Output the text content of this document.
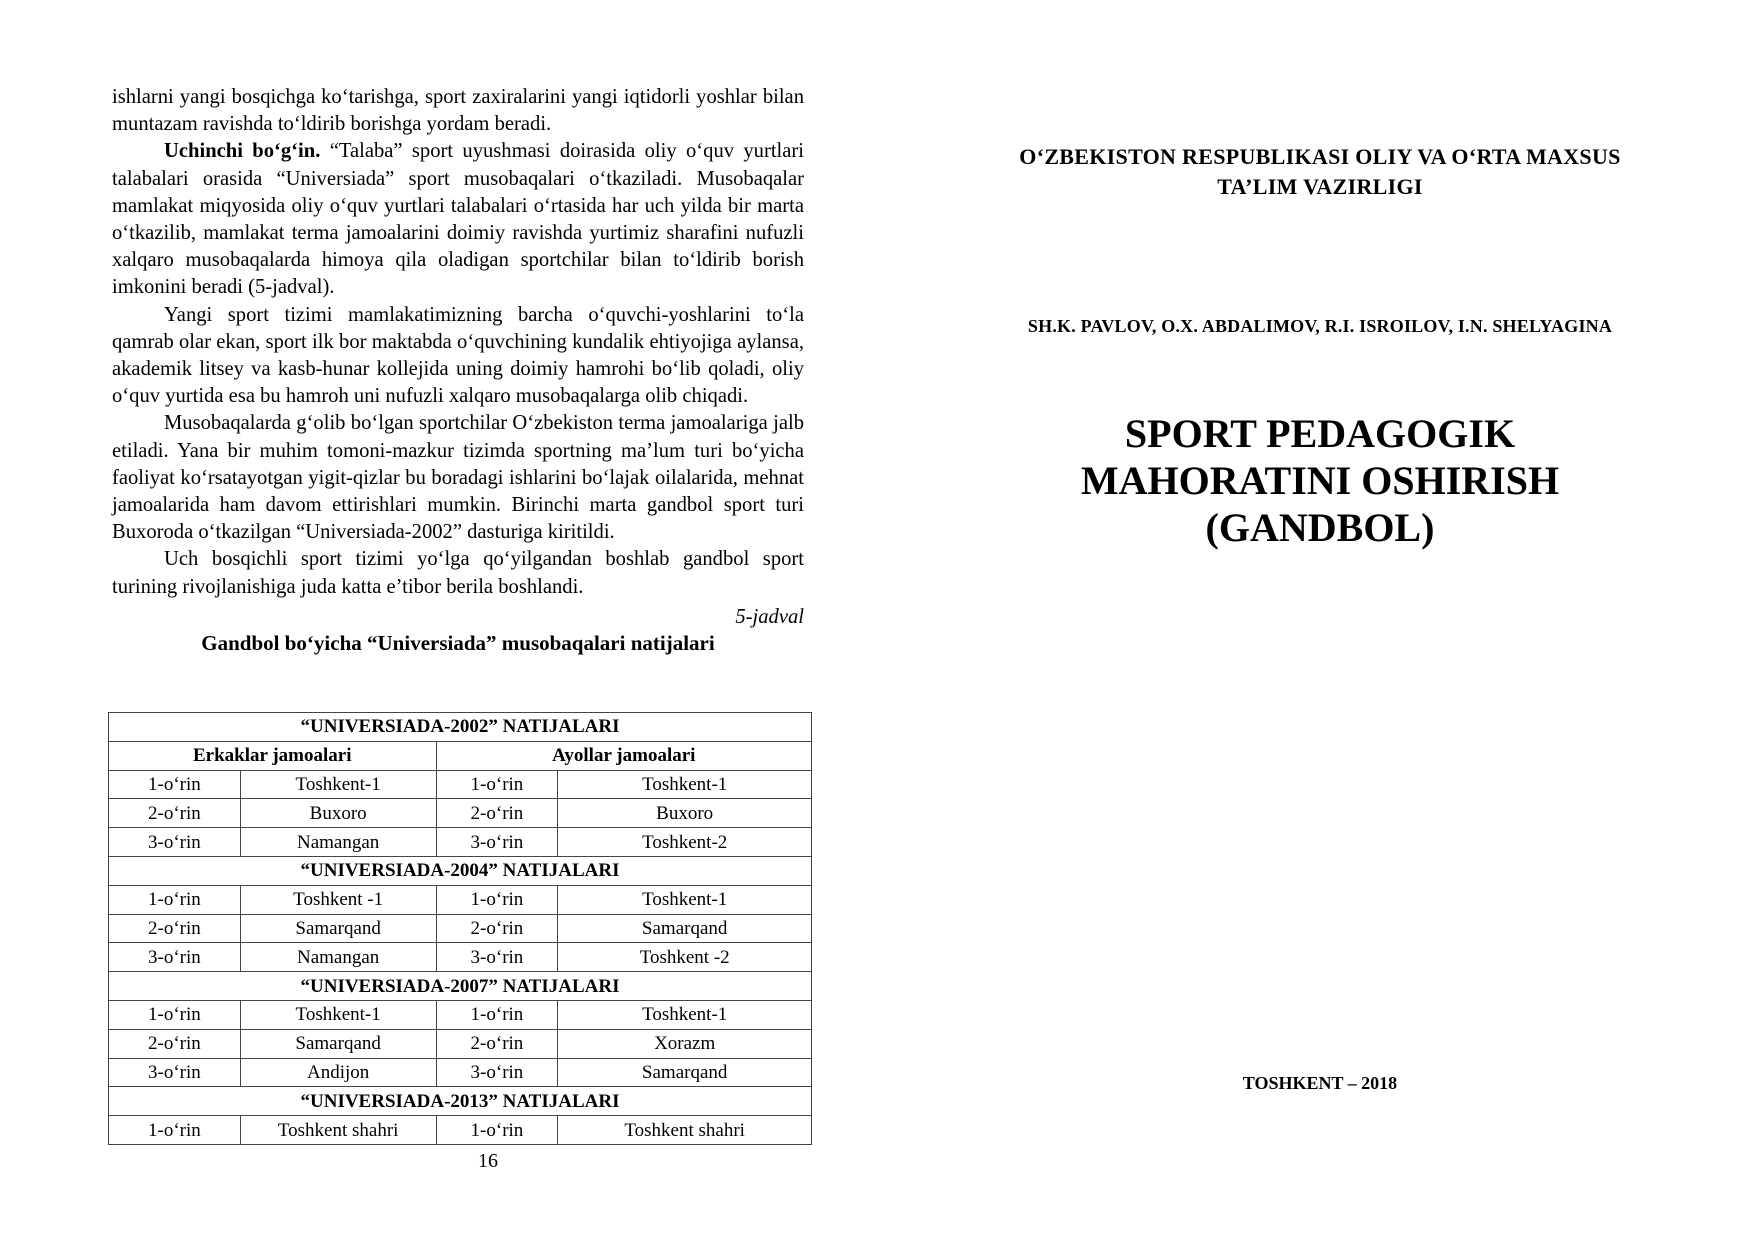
ishlarni yangi bosqichga ko‘tarishga, sport zaxiralarini yangi iqtidorli yoshlar bilan muntazam ravishda to‘ldirib borishga yordam beradi.

Uchinchi bo‘g‘in. “Talaba” sport uyushmasi doirasida oliy o‘quv yurtlari talabalari orasida “Universiada” sport musobaqalari o‘tkaziladi. Musobaqalar mamlakat miqyosida oliy o‘quv yurtlari talabalari o‘rtasida har uch yilda bir marta o‘tkazilib, mamlakat terma jamoalarini doimiy ravishda yurtimiz sharafini nufuzli xalqaro musobaqalarda himoya qila oladigan sportchilar bilan to‘ldirib borish imkonini beradi (5-jadval).

Yangi sport tizimi mamlakatimizning barcha o‘quvchi-yoshlarini to‘la qamrab olar ekan, sport ilk bor maktabda o‘quvchining kundalik ehtiyojiga aylansa, akademik litsey va kasb-hunar kollejida uning doimiy hamrohi bo‘lib qoladi, oliy o‘quv yurtida esa bu hamroh uni nufuzli xalqaro musobaqalarga olib chiqadi.

Musobaqalarda g‘olib bo‘lgan sportchilar O‘zbekiston terma jamoalariga jalb etiladi. Yana bir muhim tomoni-mazkur tizimda sportning ma’lum turi bo‘yicha faoliyat ko‘rsatayotgan yigit-qizlar bu boradagi ishlarini bo‘lajak oilalarida, mehnat jamoalarida ham davom ettirishlari mumkin. Birinchi marta gandbol sport turi Buxoroda o‘tkazilgan “Universiada-2002” dasturiga kiritildi.

Uch bosqichli sport tizimi yo‘lga qo‘yilgandan boshlab gandbol sport turining rivojlanishiga juda katta e’tibor berila boshlandi.

5-jadval

Gandbol bo‘yicha “Universiada” musobaqalari natijalari

“UNIVERSIADA-2002” NATIJALARI			
Erkaklar jamoalari		Ayollar jamoalari	
1-o‘rin	Toshkent-1	1-o‘rin	Toshkent-1
2-o‘rin	Buxoro	2-o‘rin	Buxoro
3-o‘rin	Namangan	3-o‘rin	Toshkent-2
“UNIVERSIADA-2004” NATIJALARI			
1-o‘rin	Toshkent -1	1-o‘rin	Toshkent-1
2-o‘rin	Samarqand	2-o‘rin	Samarqand
3-o‘rin	Namangan	3-o‘rin	Toshkent -2
“UNIVERSIADA-2007” NATIJALARI			
1-o‘rin	Toshkent-1	1-o‘rin	Toshkent-1
2-o‘rin	Samarqand	2-o‘rin	Xorazm
3-o‘rin	Andijon	3-o‘rin	Samarqand
“UNIVERSIADA-2013” NATIJALARI			
1-o‘rin	Toshkent shahri	1-o‘rin	Toshkent shahri
16
O‘ZBEKISTON RESPUBLIKASI OLIY VA O‘RTA MAXSUS
TA’LIM VAZIRLIGI
SH.K. PAVLOV, O.X. ABDALIMOV, R.I. ISROILOV, I.N. SHELYAGINA
SPORT PEDAGOGIK
MAHORATINI OSHIRISH
(GANDBOL)
TOSHKENT – 2018
